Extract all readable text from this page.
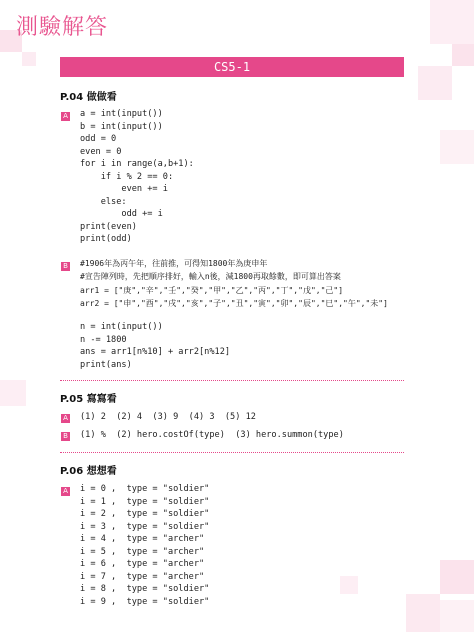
測驗解答
CS5-1
P.04 做做看
A a = int(input())
b = int(input())
odd = 0
even = 0
for i in range(a,b+1):
if i % 2 == 0:
even += i
else:
odd += i
print(even)
print(odd)
B #1906年為丙午年，往前推，可得知1800年為庚申年
#宣告陣列時，先把順序排好，輸入n後，減1800再取餘數，即可算出答案
arr1 = ["庚","辛","壬","癸","甲","乙","丙","丁","戊","己"]
arr2 = ["申","酉","戌","亥","子","丑","寅","卯","辰","巳","午","未"]
n = int(input())
n -= 1800
ans = arr1[n%10] + arr2[n%12]
print(ans)
P.05 寫寫看
A (1) 2  (2) 4  (3) 9  (4) 3  (5) 12
B (1) %  (2) hero.costOf(type)  (3) hero.summon(type)
P.06 想想看
A i = 0 ,  type = "soldier"
i = 1 ,  type = "soldier"
i = 2 ,  type = "soldier"
i = 3 ,  type = "soldier"
i = 4 ,  type = "archer"
i = 5 ,  type = "archer"
i = 6 ,  type = "archer"
i = 7 ,  type = "archer"
i = 8 ,  type = "soldier"
i = 9 ,  type = "soldier"
